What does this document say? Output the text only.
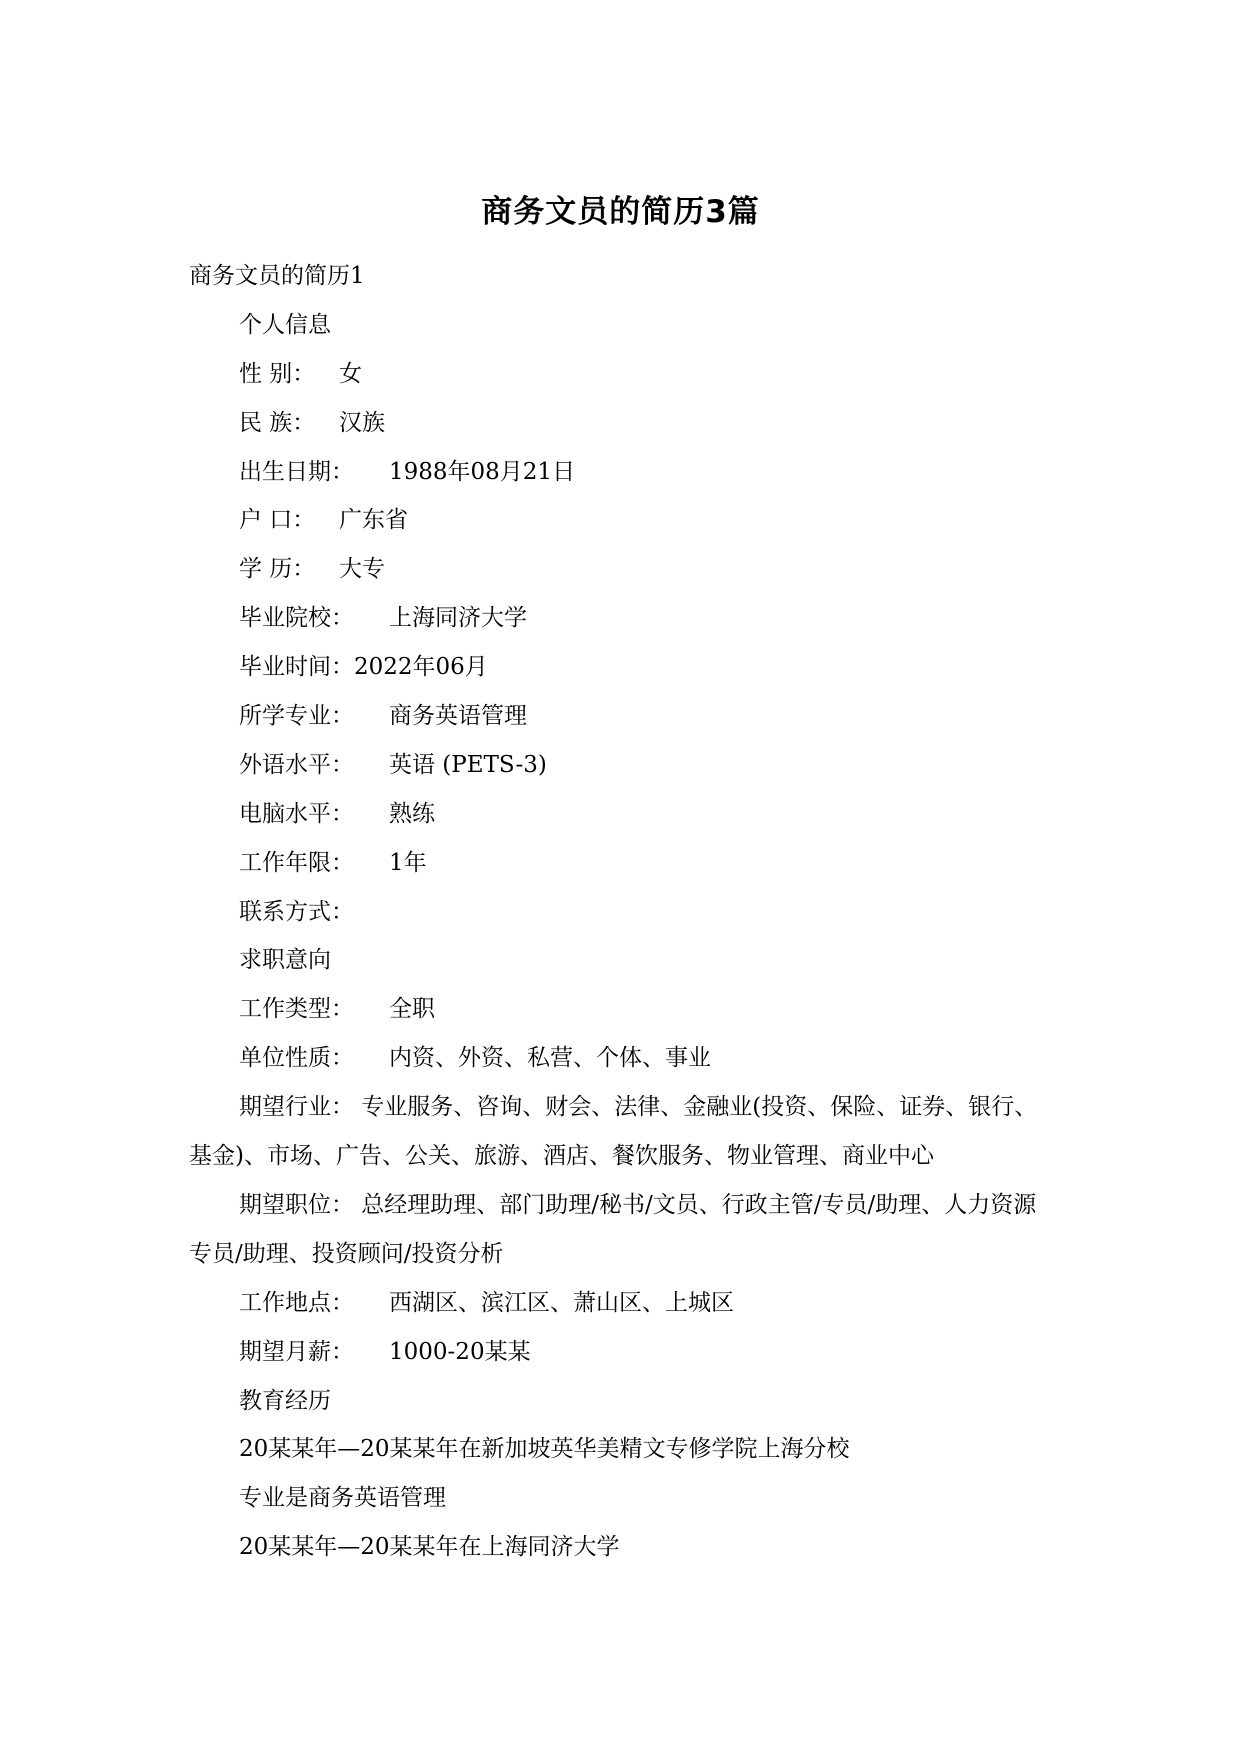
商务文员的简历3篇
商务文员的简历1
个人信息
性 别： 女
民 族： 汉族
出生日期： 1988年08月21日
户 口： 广东省
学 历： 大专
毕业院校： 上海同济大学
毕业时间：2022年06月
所学专业： 商务英语管理
外语水平： 英语 (PETS-3)
电脑水平： 熟练
工作年限： 1年
联系方式：
求职意向
工作类型： 全职
单位性质： 内资、外资、私营、个体、事业
期望行业： 专业服务、咨询、财会、法律、金融业(投资、保险、证券、银行、基金)、市场、广告、公关、旅游、酒店、餐饮服务、物业管理、商业中心
期望职位： 总经理助理、部门助理/秘书/文员、行政主管/专员/助理、人力资源专员/助理、投资顾问/投资分析
工作地点： 西湖区、滨江区、萧山区、上城区
期望月薪： 1000-20某某
教育经历
20某某年—20某某年在新加坡英华美精文专修学院上海分校
专业是商务英语管理
20某某年—20某某年在上海同济大学
